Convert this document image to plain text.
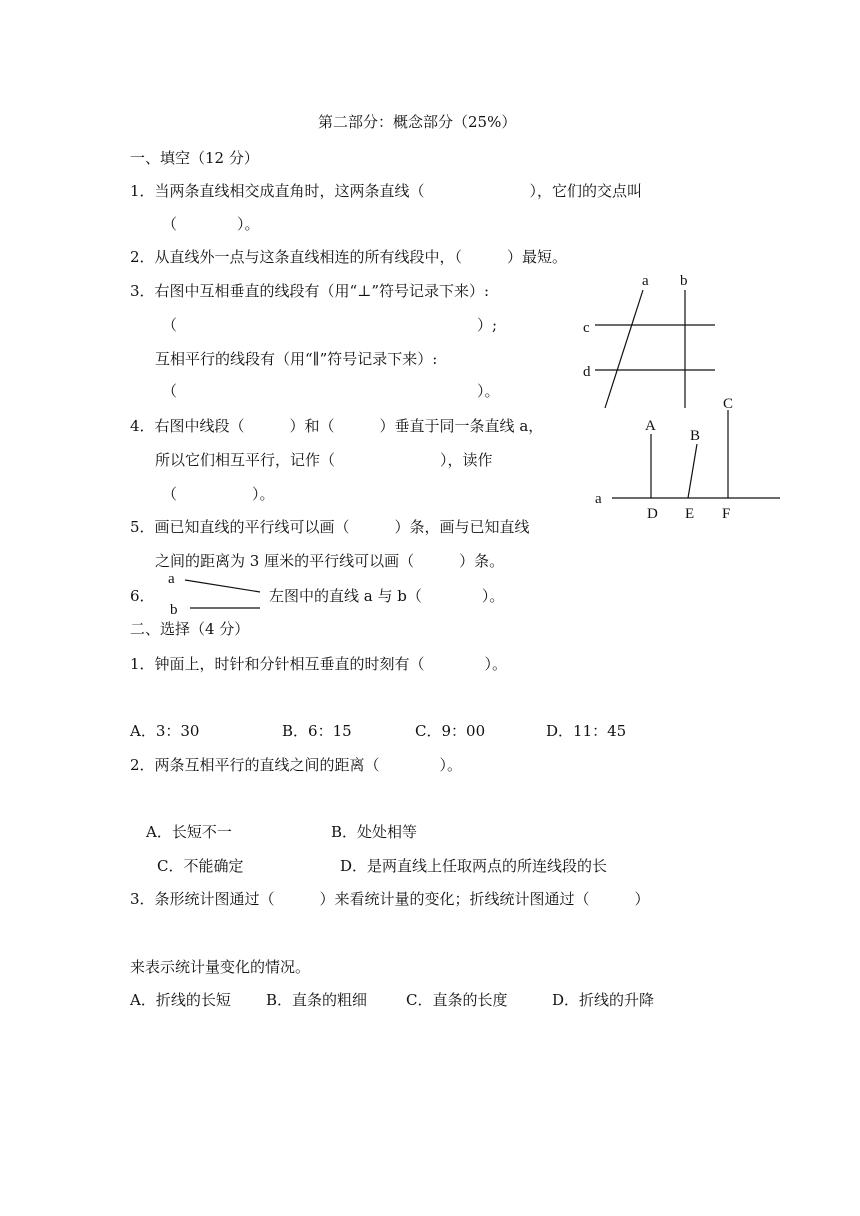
第二部分：概念部分（25%）
一、填空（12 分）
1．当两条直线相交成直角时，这两条直线（　　　　　　　），它们的交点叫
（　　　　）。
2．从直线外一点与这条直线相连的所有线段中，（　　　）最短。
3．右图中互相垂直的线段有（用“⊥”符号记录下来）:
（　　　　　　　　　　　　　　　　　　　　）;
互相平行的线段有（用“∥”符号记录下来）:
（　　　　　　　　　　　　　　　　　　　　）。
4．右图中线段（　　　）和（　　　）垂直于同一条直线 a，
所以它们相互平行，记作（　　　　　　　），读作
（　　　　　）。
5．画已知直线的平行线可以画（　　　）条，画与已知直线
之间的距离为 3 厘米的平行线可以画（　　　）条。
6．	左图中的直线 a 与 b（　　　　）。
a
b
a b
c
d
A
B
C
a
D E F
二、选择（4 分）
1．钟面上，时针和分针相互垂直的时刻有（　　　　）。
A．3：30	B．6：15	C．9：00	D．11：45
2．两条互相平行的直线之间的距离（　　　　）。
A．长短不一	B．处处相等
C．不能确定	D．是两直线上任取两点的所连线段的长
3．条形统计图通过（　　　）来看统计量的变化；折线统计图通过（　　　）
来表示统计量变化的情况。
A．折线的长短 B．直条的粗细	C．直条的长度	D．折线的升降
